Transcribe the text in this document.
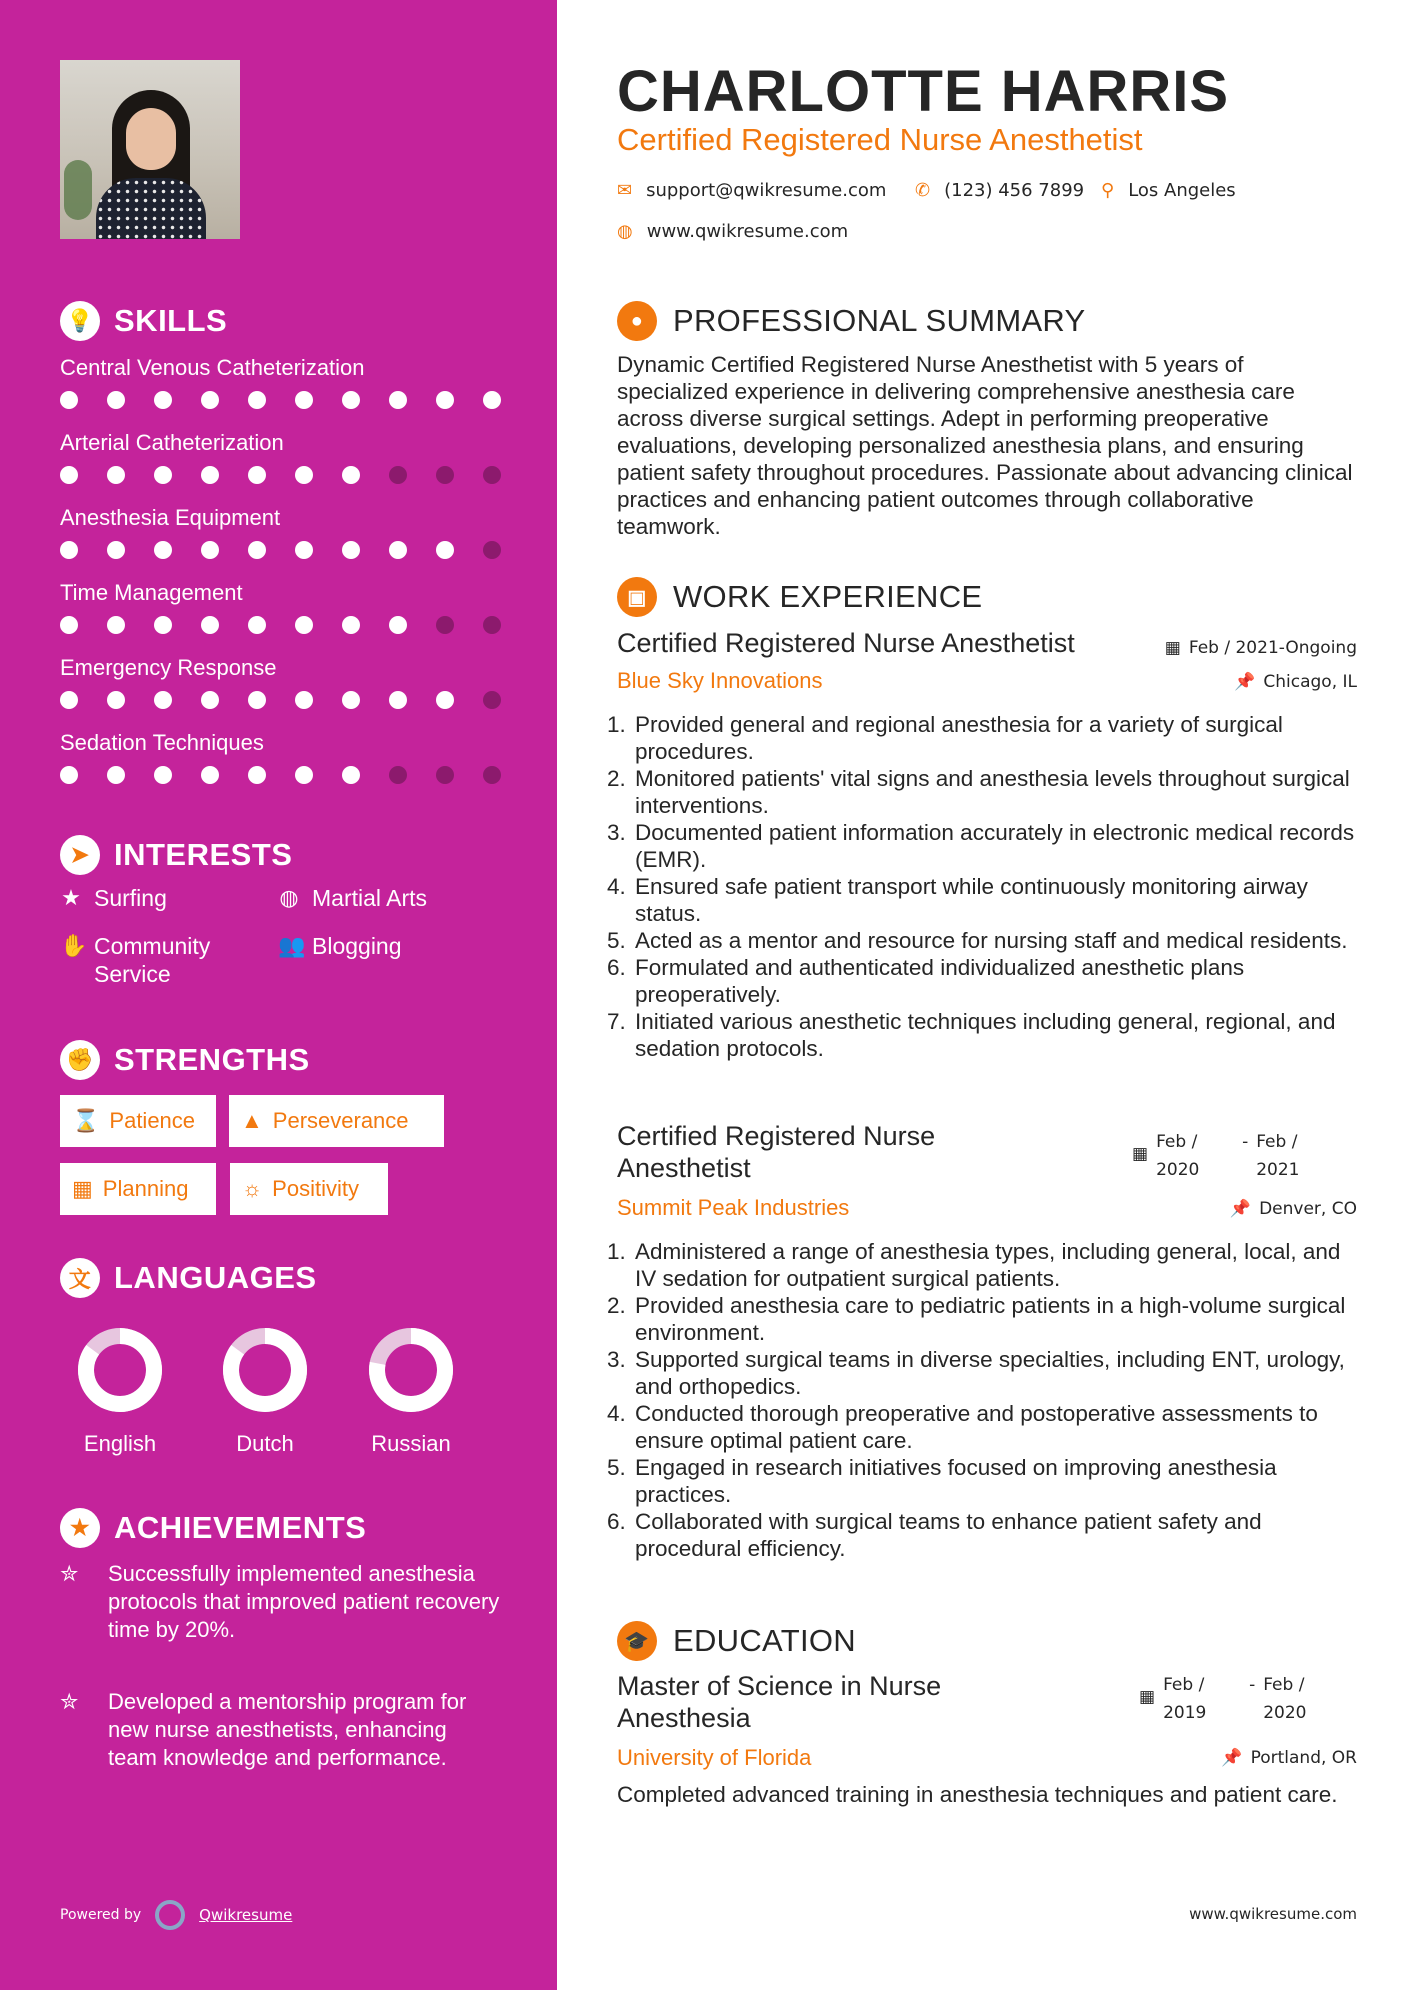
💡 SKILLS
Central Venous Catheterization
Arterial Catheterization
Anesthesia Equipment
Time Management
Emergency Response
Sedation Techniques
➤ INTERESTS
★ Surfing	◍ Martial Arts
✋ Community Service
👥 Blogging
✊ STRENGTHS
⌛ Patience ▲ Perseverance
▦ Planning ☼ Positivity
文 LANGUAGES
English	Dutch	Russian
★ ACHIEVEMENTS
✮	Successfully implemented anesthesia protocols that improved patient recovery time by 20%.
✮	Developed a mentorship program for new nurse anesthetists, enhancing team knowledge and performance.
Powered by	Qwikresume
CHARLOTTE HARRIS
Certified Registered Nurse Anesthetist
✉ support@qwikresume.com ✆ (123) 456 7899 ⚲ Los Angeles
◍ www.qwikresume.com
● PROFESSIONAL SUMMARY
Dynamic Certified Registered Nurse Anesthetist with 5 years of specialized experience in delivering comprehensive anesthesia care across diverse surgical settings. Adept in performing preoperative evaluations, developing personalized anesthesia plans, and ensuring patient safety throughout procedures. Passionate about advancing clinical practices and enhancing patient outcomes through collaborative teamwork.
▣ WORK EXPERIENCE
Certified Registered Nurse Anesthetist	▦ Feb / 2021-Ongoing
Blue Sky Innovations	📌 Chicago, IL
Provided general and regional anesthesia for a variety of surgical procedures.
Monitored patients' vital signs and anesthesia levels throughout surgical interventions.
Documented patient information accurately in electronic medical records (EMR).
Ensured safe patient transport while continuously monitoring airway status.
Acted as a mentor and resource for nursing staff and medical residents.
Formulated and authenticated individualized anesthetic plans preoperatively.
Initiated various anesthetic techniques including general, regional, and sedation protocols.
Certified Registered Nurse Anesthetist	▦
Feb / 2020
- Feb / 2021
Summit Peak Industries	📌 Denver, CO
Administered a range of anesthesia types, including general, local, and IV sedation for outpatient surgical patients.
Provided anesthesia care to pediatric patients in a high-volume surgical environment.
Supported surgical teams in diverse specialties, including ENT, urology, and orthopedics.
Conducted thorough preoperative and postoperative assessments to ensure optimal patient care.
Engaged in research initiatives focused on improving anesthesia practices.
Collaborated with surgical teams to enhance patient safety and procedural efficiency.
🎓 EDUCATION
Master of Science in Nurse Anesthesia
▦
Feb / 2019
- Feb / 2020
University of Florida	📌 Portland, OR
Completed advanced training in anesthesia techniques and patient care.
www.qwikresume.com
